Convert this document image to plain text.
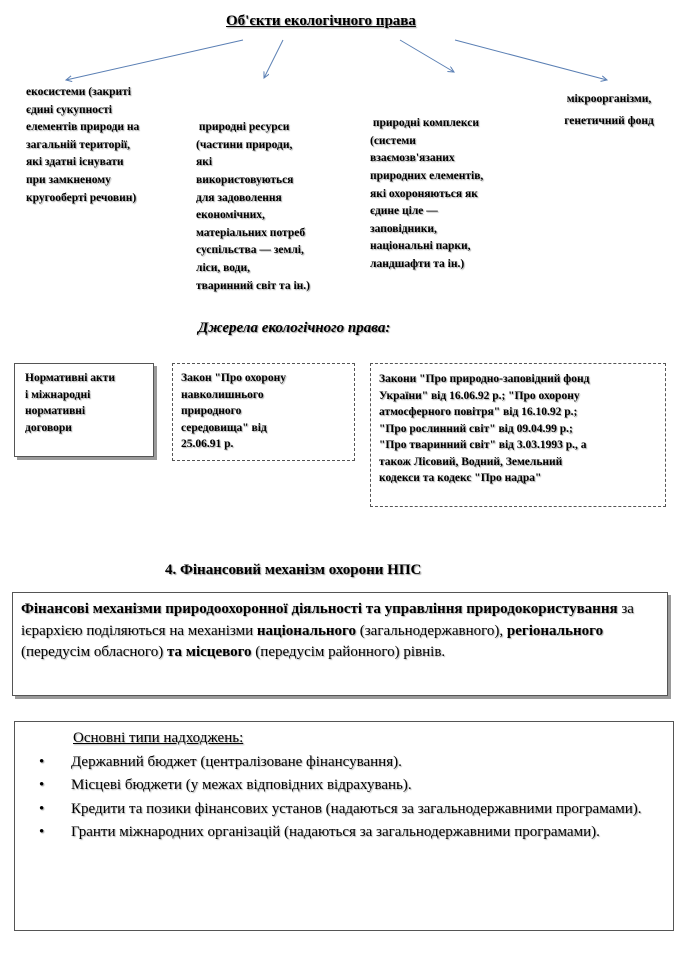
Об'єкти екологічного права
екосистеми (закриті
єдині сукупності
елементів природи на
загальній території,
які здатні існувати
при замкненому
кругообертi речовин)

природні ресурси
(частини природи,
які
використовуються
для задоволення
економічних,
матеріальних потреб
суспільства — землі,
ліси, води,
тваринний світ та ін.)

природні комплекси
(системи
взаємозв'язаних
природних елементів,
які охороняються як
єдине ціле —
заповідники,
національні парки,
ландшафти та ін.)

мікроорганізми,
генетичний фонд
Джерела екологічного права:
Нормативні акти
і міжнародні
нормативні
договори
Закон "Про охорону
навколишнього
природного
середовища" від
25.06.91 р.
Закони "Про природно-заповідний фонд
України" від 16.06.92 р.; "Про охорону
атмосферного повітря" від 16.10.92 р.;
"Про рослинний світ" від 09.04.99 р.;
"Про тваринний світ" від 3.03.1993 р., а
також Лісовий, Водний, Земельний
кодекси та кодекс "Про надра"
4. Фінансовий механізм охорони НПС
Фінансові механізми природоохоронної діяльності та управління природокористування за ієрархією поділяються на механізми національного (загальнодержавного), регіонального (передусім обласного) та місцевого (передусім районного) рівнів.
Основні типи надходжень:
• Державний бюджет (централізоване фінансування).
• Місцеві бюджети (у межах відповідних відрахувань).
• Кредити та позики фінансових установ (надаються за загальнодержавними програмами).
• Гранти міжнародних організацій (надаються за загальнодержавними програмами).
